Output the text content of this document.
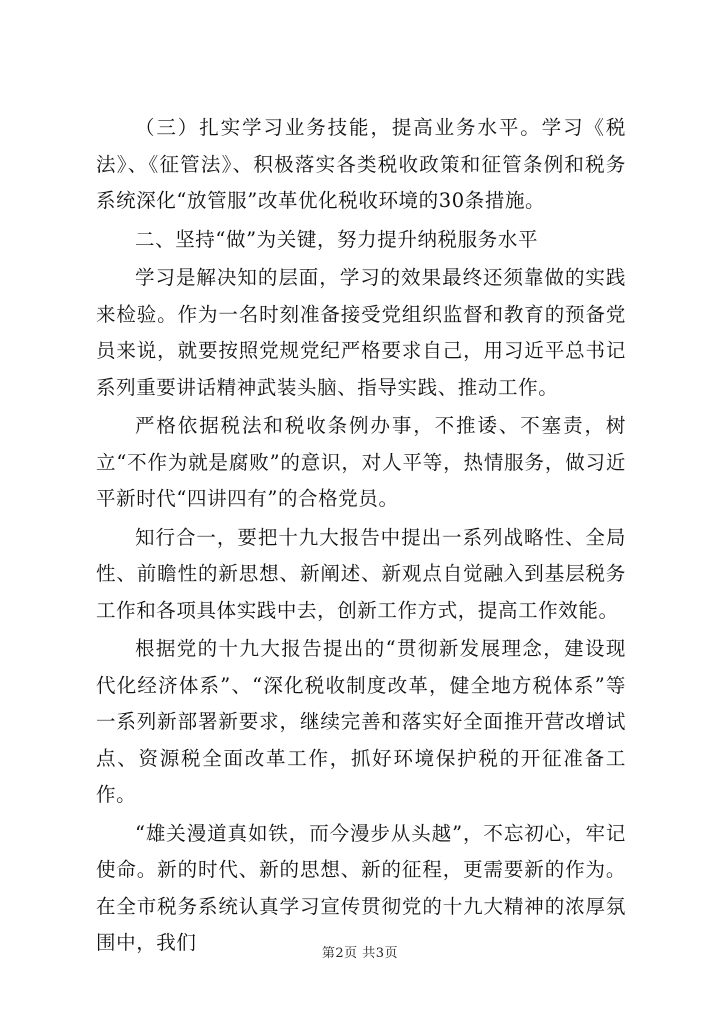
（三）扎实学习业务技能，提高业务水平。学习《税法》、《征管法》、积极落实各类税收政策和征管条例和税务系统深化“放管服”改革优化税收环境的30条措施。

二、坚持“做”为关键，努力提升纳税服务水平

学习是解决知的层面，学习的效果最终还须靠做的实践来检验。作为一名时刻准备接受党组织监督和教育的预备党员来说，就要按照党规党纪严格要求自己，用习近平总书记系列重要讲话精神武装头脑、指导实践、推动工作。

严格依据税法和税收条例办事，不推诿、不塞责，树立“不作为就是腐败”的意识，对人平等，热情服务，做习近平新时代“四讲四有”的合格党员。

知行合一，要把十九大报告中提出一系列战略性、全局性、前瞻性的新思想、新阐述、新观点自觉融入到基层税务工作和各项具体实践中去，创新工作方式，提高工作效能。

根据党的十九大报告提出的“贯彻新发展理念，建设现代化经济体系”、“深化税收制度改革，健全地方税体系”等一系列新部署新要求，继续完善和落实好全面推开营改增试点、资源税全面改革工作，抓好环境保护税的开征准备工作。

“雄关漫道真如铁，而今漫步从头越”，不忘初心，牢记使命。新的时代、新的思想、新的征程，更需要新的作为。在全市税务系统认真学习宣传贯彻党的十九大精神的浓厚氛围中，我们	第2页 共3页
